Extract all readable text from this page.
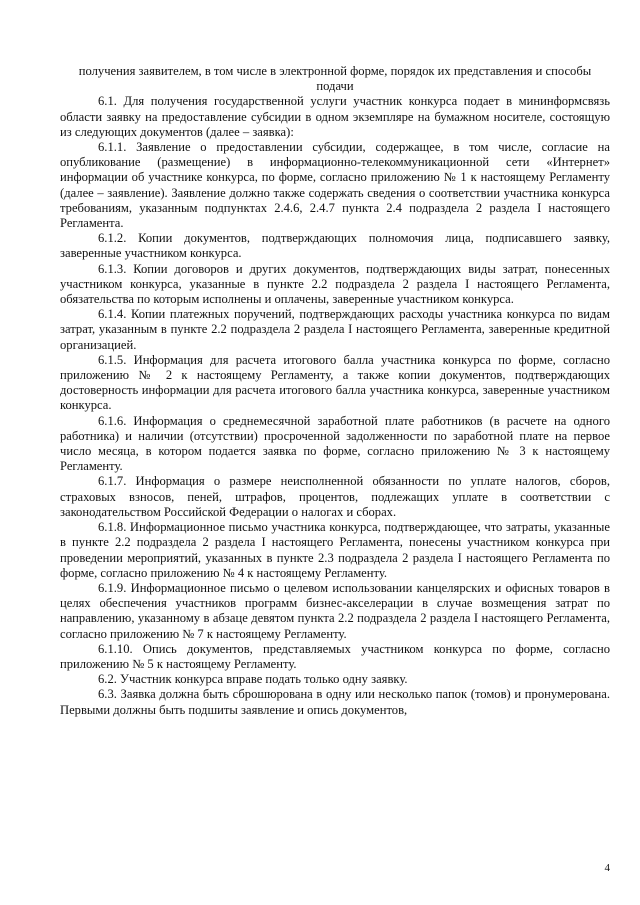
получения заявителем, в том числе в электронной форме, порядок их представления и способы подачи

6.1. Для получения государственной услуги участник конкурса подает в мининформсвязь области заявку на предоставление субсидии в одном экземпляре на бумажном носителе, состоящую из следующих документов (далее – заявка):

6.1.1. Заявление о предоставлении субсидии, содержащее, в том числе, согласие на опубликование (размещение) в информационно-телекоммуникационной сети «Интернет» информации об участнике конкурса, по форме, согласно приложению № 1 к настоящему Регламенту (далее – заявление). Заявление должно также содержать сведения о соответствии участника конкурса требованиям, указанным подпунктах 2.4.6, 2.4.7 пункта 2.4 подраздела 2 раздела I настоящего Регламента.

6.1.2. Копии документов, подтверждающих полномочия лица, подписавшего заявку, заверенные участником конкурса.

6.1.3. Копии договоров и других документов, подтверждающих виды затрат, понесенных участником конкурса, указанные в пункте 2.2 подраздела 2 раздела I настоящего Регламента, обязательства по которым исполнены и оплачены, заверенные участником конкурса.

6.1.4. Копии платежных поручений, подтверждающих расходы участника конкурса по видам затрат, указанным в пункте 2.2 подраздела 2 раздела I настоящего Регламента, заверенные кредитной организацией.

6.1.5. Информация для расчета итогового балла участника конкурса по форме, согласно приложению № 2 к настоящему Регламенту, а также копии документов, подтверждающих достоверность информации для расчета итогового балла участника конкурса, заверенные участником конкурса.

6.1.6. Информация о среднемесячной заработной плате работников (в расчете на одного работника) и наличии (отсутствии) просроченной задолженности по заработной плате на первое число месяца, в котором подается заявка по форме, согласно приложению № 3 к настоящему Регламенту.

6.1.7. Информация о размере неисполненной обязанности по уплате налогов, сборов, страховых взносов, пеней, штрафов, процентов, подлежащих уплате в соответствии с законодательством Российской Федерации о налогах и сборах.

6.1.8. Информационное письмо участника конкурса, подтверждающее, что затраты, указанные в пункте 2.2 подраздела 2 раздела I настоящего Регламента, понесены участником конкурса при проведении мероприятий, указанных в пункте 2.3 подраздела 2 раздела I настоящего Регламента по форме, согласно приложению № 4 к настоящему Регламенту.

6.1.9. Информационное письмо о целевом использовании канцелярских и офисных товаров в целях обеспечения участников программ бизнес-акселерации в случае возмещения затрат по направлению, указанному в абзаце девятом пункта 2.2 подраздела 2 раздела I настоящего Регламента, согласно приложению № 7 к настоящему Регламенту.

6.1.10. Опись документов, представляемых участником конкурса по форме, согласно приложению № 5 к настоящему Регламенту.

6.2. Участник конкурса вправе подать только одну заявку.

6.3. Заявка должна быть сброшюрована в одну или несколько папок (томов) и пронумерована. Первыми должны быть подшиты заявление и опись документов,

4
